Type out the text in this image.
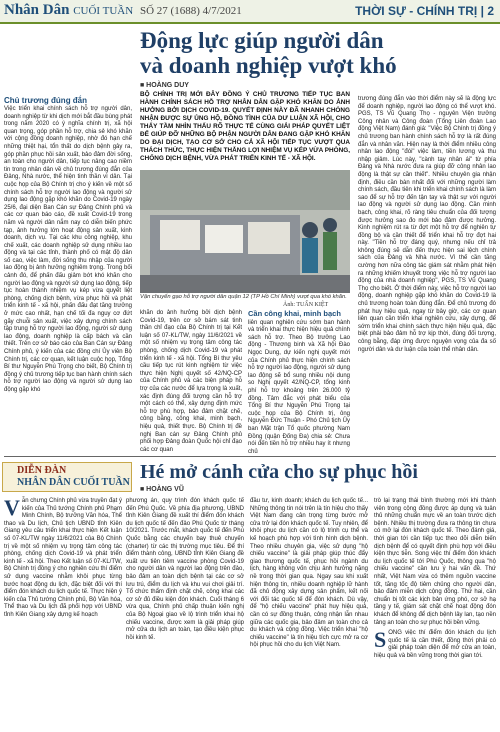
Nhân Dân CUỐI TUẦN SỐ 27 (1688) 4/7/2021	THỜI SỰ - CHÍNH TRỊ | 2
Động lực giúp người dân
và doanh nghiệp vượt khó
■ HOÀNG DUY
BỘ CHÍNH TRỊ MỚI ĐÂY ĐỒNG Ý CHỦ TRƯƠNG TIẾP TỤC BAN HÀNH CHÍNH SÁCH HỖ TRỢ NHÂN DÂN GẶP KHÓ KHĂN DO ẢNH HƯỞNG BỞI DỊCH COVID-19. QUYẾT ĐỊNH NÀY ĐÃ NHANH CHÓNG NHẬN ĐƯỢC SỰ ỦNG HỘ, ĐỒNG TÌNH CỦA DƯ LUẬN XÃ HỘI, CHO THẤY TẦM NHÌN THẤU RÕ THỰC TẾ CÙNG GIẢI PHÁP QUYẾT LIỆT ĐỂ GIÚP ĐỠ NHỮNG BỘ PHẬN NGƯỜI DÂN ĐANG GẶP KHÓ KHĂN DO ĐẠI DỊCH, TẠO CƠ SỞ CHO CẢ XÃ HỘI TIẾP TỤC VƯỢT QUA THÁCH THỨC, THỰC HIỆN THẮNG LỢI NHIỆM VỤ KÉP VỪA PHÒNG, CHỐNG DỊCH BỆNH, VỪA PHÁT TRIỂN KINH TẾ - XÃ HỘI.
Chủ trương đúng đắn
Việc triển khai chính sách hỗ trợ người dân, doanh nghiệp từ khi dịch mới bắt đầu bùng phát trong năm 2020 có ý nghĩa chính trị, xã hội quan trọng, góp phần hỗ trợ, chia sẻ khó khăn với cộng đồng doanh nghiệp, nhờ đó hạn chế những thiệt hại, tổn thất do dịch bệnh gây ra, góp phần phục hồi sản xuất, bảo đảm đời sống, an toàn cho người dân, tiếp tục nâng cao niềm tin trong nhân dân về chủ trương đúng đắn của Đảng, Nhà nước, thể hiện tinh thần vì dân. Tại cuộc họp của Bộ Chính trị cho ý kiến về một số chính sách hỗ trợ người lao động và người sử dụng lao động gặp khó khăn do Covid-19 ngày 25/6, đại diện Ban Cán sự Đảng Chính phủ và các cơ quan báo cáo, đề xuất Covid-19 trong năm và người dân nắm nay có diễn biến phức tạp, ảnh hưởng lớn hoạt động sản xuất, kinh doanh, dịch vụ. Tại các khu công nghiệp, khu chế xuất, các doanh nghiệp sử dụng nhiều lao động và tại các tỉnh, thành phố có mật độ dân số cao, việc làm, đời sống thu nhập của người lao động bị ảnh hưởng nghiêm trọng. Trong bối cảnh đó, để phấn đấu giảm bớt khó khăn cho người lao động và người sử dụng lao động, tiếp tục hoàn thành nhiệm vụ kép vừa quyết liệt phòng, chống dịch bệnh, vừa phục hồi và phát triển kinh tế - xã hội, phấn đấu đạt tăng trưởng ở mức cao nhất, hạn chế tối đa nguy cơ đứt gãy chuỗi sản xuất, việc xây dựng chính sách tập trung hỗ trợ người lao động, người sử dụng lao động, doanh nghiệp là cấp bách và cần thiết. Trên cơ sở báo cáo của Ban Cán sự Đảng Chính phủ, ý kiến của các đồng chí Ủy viên Bộ Chính trị, các cơ quan, kết luận cuộc họp, Tổng Bí thư Nguyễn Phú Trọng cho biết, Bộ Chính trị đồng ý chủ trương tiếp tục ban hành chính sách hỗ trợ người lao động và người sử dụng lao động gặp khó
Vận chuyển gạo hỗ trợ người dân quận 12 (TP Hồ Chí Minh) vượt qua khó khăn.
Ảnh: TUẤN KIỆT
khăn do ảnh hưởng bởi dịch bệnh Covid-19, trên cơ sở bám sát tinh thần chỉ đạo của Bộ Chính trị tại Kết luận số 07-KL/TW, ngày 11/6/2021 về một số nhiệm vụ trọng tâm công tác phòng, chống dịch Covid-19 và phát triển kinh tế - xã hội. Tổng Bí thư yêu cầu tiếp tục rút kinh nghiệm từ việc thực hiện Nghị quyết số 42/NQ-CP của Chính phủ và các biện pháp hỗ trợ của các nước để lựa trọng là xuất, xác định đúng đối tượng cần hỗ trợ một cách có thể, xây dựng định mức hỗ trợ phù hợp, bảo đảm chặt chẽ, công bằng, công khai, minh bạch, hiệu quả, thiết thực. Bộ Chính trị đề nghị Ban cán sự Đảng Chính phủ phối hợp Đảng đoàn Quốc hội chỉ đạo các cơ quan
Cần công khai, minh bạch
liên quan nghiên cứu sớm ban hành và triển khai thực hiện hiệu quả chính sách hỗ trợ. Theo Bộ trưởng Lao động - Thương binh và Xã hội Đào Ngọc Dung, dự kiến nghị quyết mới của Chính phủ thực hiện chính sách hỗ trợ người lao động, người sử dụng lao động sẽ bổ sung nhiều nội dung so Nghị quyết 42/NQ-CP, tổng kinh phí hỗ trợ khoảng trên 26.000 tỷ đồng. Tâm đắc với phát biểu của Tổng Bí thư Nguyễn Phú Trọng tại cuộc họp của Bộ Chính trị, ông Nguyễn Đức Thuận - Phó Chủ tịch Ủy ban Mặt trận Tổ quốc phường Nam Đồng (quận Đống Đa) chia sẻ: Chưa nói đến tiền hỗ trợ nhiều hay ít nhưng chủ
trương đúng đắn vào thời điểm này sẽ là động lực để doanh nghiệp, người lao động có thể vượt khó. PGS, TS Vũ Quang Thọ - nguyên Viện trưởng Công nhân và Công đoàn (Tổng Liên đoàn Lao động Việt Nam) đánh giá: "Việc Bộ Chính trị đồng ý chủ trương ban hành chính sách hỗ trợ là rất đúng đắn và nhân văn. Hiện nay là thời điểm nhiều công nhân lao động "đói" việc làm, tiền lương và thu nhập giảm. Lúc này, "cành tay nhân ái" từ phía Đảng và Nhà nước đưa ra giúp đỡ công nhân lao động là thật sự cần thiết". Nhiều chuyên gia nhận định, điều cần bàn nhất đối với những người làm chính sách, đầu tiên khi triển khai chính sách là làm sao để sự hỗ trợ đến tận tay và thật sự với người lao động và người sử dụng lao động. Cần minh bạch, công khai, rõ ràng tiêu chuẩn của đối tượng được hưởng sao đo mới bảo đảm được hưởng. Kinh nghiệm rút ra từ đợt một hỗ trợ để nghiên tự đồng bộ và cần thiết để triển khai hỗ trợ đợt hai này. "Tiền hỗ trợ đáng quý, nhưng nếu chỉ trả không đúng sẽ dẫn đến thực hiện sai lệch chính sách của Đảng và Nhà nước. Vì thế cần tăng cường hơn nữa công tác giám sát nhằm phát hiện ra những khiếm khuyết trong việc hỗ trợ người lao động của nhà doanh nghiệp", PGS, TS Vũ Quang Thọ cho biết. Ở thời điểm này, việc hỗ trợ người lao động, doanh nghiệp gặp khó khăn do Covid-19 là chủ trương hoàn toàn đúng đắn. Để chủ trương đó phát huy hiệu quả, ngay từ bây giờ, các cơ quan liên quan cần triển khai nghiên cứu, xây dựng, để sớm triển khai chính sách thực hiện hiệu quả, đặc biệt phải bảo đảm hỗ trợ kịp thời, đúng đối tượng, công bằng, đáp ứng được nguyện vọng của đa số người dân và dư luận của toàn thể nhân dân.
DIỄN ĐÀN
NHÂN DÂN CUỐI TUẦN Hé mở cánh cửa cho sự phục hồi
■ HOÀNG VŨ
Vẫn chưng Chính phủ vừa truyền đạt ý kiến của Thủ tướng Chính phủ Phạm Minh Chính, Bộ trưởng Văn hóa, Thể thao và Du lịch, Chủ tịch UBND tỉnh Kiên Giang yêu cầu triển khai thực hiện Kết luận số 07-KL/TW ngày 11/6/2021 của Bộ Chính trị về một số nhiệm vụ trọng tâm công tác phòng, chống dịch Covid-19 và phát triển kinh tế - xã hội. Theo Kết luận số 07-KL/TW, Bộ Chính trị đồng ý cho nghiên cứu thí điểm sử dụng vaccine nhằm khôi phục từng bước hoạt động du lịch, đặc biệt đối với thí điểm đón khách du lịch quốc tế. Thực hiện ý kiến của Thủ tướng Chính phủ, Bộ Văn hóa, Thể thao và Du lịch đã phối hợp với UBND tỉnh Kiên Giang xây dựng kế hoạch
phương án, quy trình đón khách quốc tế đến Phú Quốc. Về phía địa phương, UBND tỉnh Kiên Giang đề xuất thí điểm đón khách du lịch quốc tế đến đảo Phú Quốc từ tháng 10/2021. Trước mắt, khách quốc tế đến Phú Quốc bằng các chuyến bay thuê chuyến (charter) từ các thị trường mục tiêu. Để thí điểm thành công, UBND tỉnh Kiên Giang đề xuất ưu tiên tiêm vaccine phòng Covid-19 cho người dân và người lao động trên đảo, bảo đảm an toàn dịch bệnh tại các cơ sở lưu trú, điểm du lịch và khu vui chơi giải trí. Tổ chức thẩm định chặt chẽ, công khai các cơ sở đủ điều kiện đón khách. Cuối tháng 6 vừa qua, Chính phủ chấp thuận kiến nghị của Bộ Ngoại giao về lộ trình triển khai hộ chiếu vaccine, được xem là giải pháp giúp mở cửa du lịch an toàn, tạo điều kiện phục hồi kinh tế.
đầu tư, kinh doanh; khách du lịch quốc tế... Những thông tin nói trên là tín hiệu cho thấy Việt Nam đang cân trọng từng bước mở cửa trở lại đón khách quốc tế. Tuy nhiên, để khôi phục du lịch cần có lộ trình cụ thể và kế hoạch phù hợp với tình hình dịch bệnh. Theo nhiều chuyên gia, việc sử dụng "hộ chiếu vaccine" là giải pháp giúp thúc đẩy giao thương quốc tế, phục hồi ngành du lịch, hàng không vốn chịu ảnh hưởng nặng nề trong thời gian qua. Ngay sau khi xuất hiện thông tin, nhiều doanh nghiệp lữ hành đã chủ động xây dựng sản phẩm, kết nối với đối tác quốc tế để đón khách. Dù vậy, để "hộ chiếu vaccine" phát huy hiệu quả, cần có sự đồng thuận, công nhận lẫn nhau giữa các quốc gia, bảo đảm an toàn cho cả du khách và cộng đồng. Việc triển khai "hộ chiếu vaccine" là tín hiệu tích cực mở ra cơ hội phục hồi cho du lịch Việt Nam.
trò lại trạng thái bình thường mới khi thành viên trong cộng đồng được áp dụng và tuân thủ những chuẩn mực về an toàn trước dịch bệnh. Nhiều thị trường đưa ra thông tin chưa có mở lại đón khách quốc tế. Theo đánh giá, thời gian tới cần tiếp tục theo dõi diễn biến dịch bệnh để có quyết định phù hợp với điều kiện thực tiễn. Song việc thí điểm đón khách du lịch quốc tế tới Phú Quốc, thông qua "hộ chiếu vaccine" cần lưu ý hai vấn đề. Thứ nhất, Việt Nam vừa có thêm nguồn vaccine tốt, tăng tốc độ tiêm chủng cho người dân, bảo đảm miễn dịch cộng đồng. Thứ hai, cần chuẩn bị tốt các kịch bản ứng phó, cơ sở hạ tầng y tế, giám sát chặt chẽ hoạt động đón khách để không để dịch bệnh lây lan, tạo nền tảng an toàn cho sự phục hồi bền vững.
SONG việc thí điểm đón khách du lịch quốc tế là cần thiết, đồng thời phải có giải pháp toàn diện để mở cửa an toàn, hiệu quả và bền vững trong thời gian tới.
